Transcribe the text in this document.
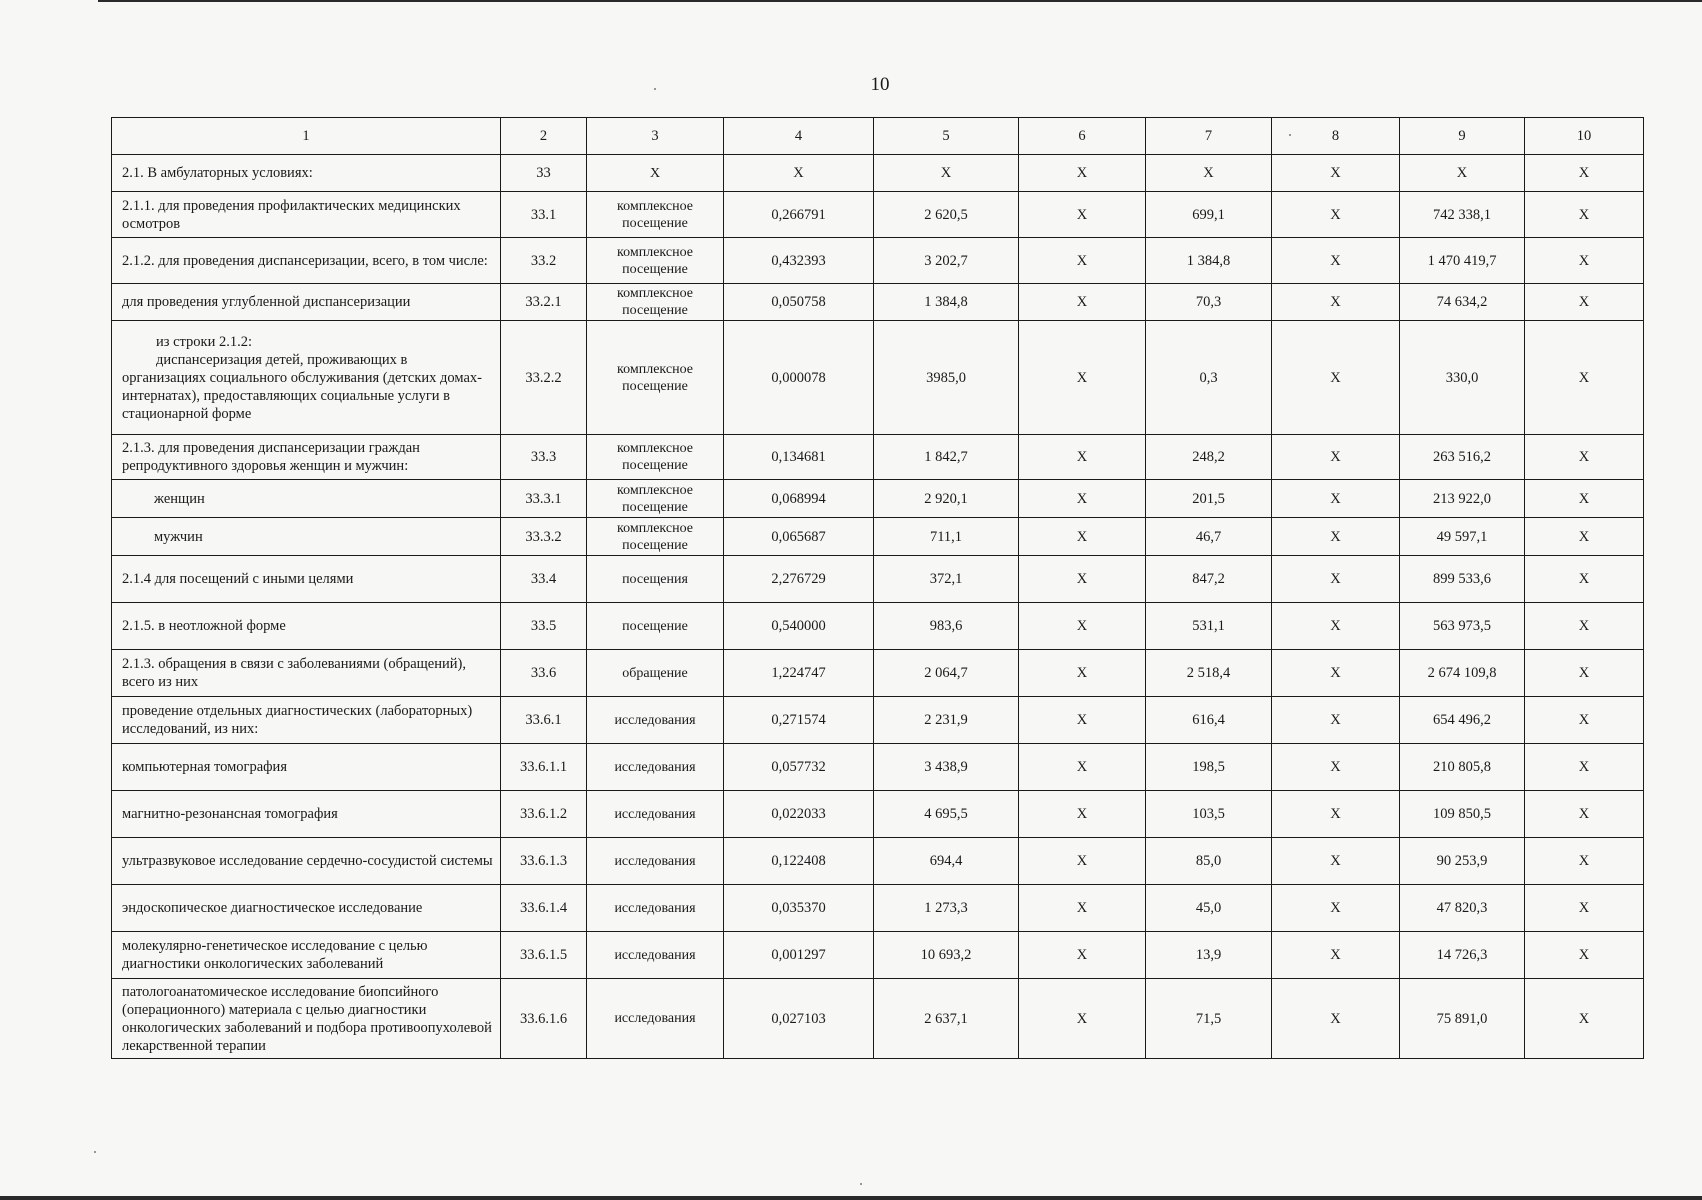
10
1	2	3	4	5	6	7	8	9	10
2.1. В амбулаторных условиях:	33	X	X	X	X	X	X	X	X
2.1.1. для проведения профилактических медицинских осмотров	33.1	комплексное посещение	0,266791	2 620,5	X	699,1	X	742 338,1	X
2.1.2. для проведения диспансеризации, всего, в том числе:	33.2	комплексное посещение	0,432393	3 202,7	X	1 384,8	X	1 470 419,7	X
для проведения углубленной диспансеризации	33.2.1	комплексное посещение	0,050758	1 384,8	X	70,3	X	74 634,2	X

из строки 2.1.2:
диспансеризация детей, проживающих в организациях социального обслуживания (детских домах-интернатах), предоставляющих социальные услуги в стационарной форме	33.2.2	комплексное посещение	0,000078	3985,0	X	0,3	X	330,0	X
2.1.3. для проведения диспансеризации граждан репродуктивного здоровья женщин и мужчин:	33.3	комплексное посещение	0,134681	1 842,7	X	248,2	X	263 516,2	X
женщин	33.3.1	комплексное посещение	0,068994	2 920,1	X	201,5	X	213 922,0	X
мужчин	33.3.2	комплексное посещение	0,065687	711,1	X	46,7	X	49 597,1	X
2.1.4 для посещений с иными целями	33.4	посещения	2,276729	372,1	X	847,2	X	899 533,6	X
2.1.5. в неотложной форме	33.5	посещение	0,540000	983,6	X	531,1	X	563 973,5	X
2.1.3. обращения в связи с заболеваниями (обращений), всего из них	33.6	обращение	1,224747	2 064,7	X	2 518,4	X	2 674 109,8	X
проведение отдельных диагностических (лабораторных) исследований, из них:	33.6.1	исследования	0,271574	2 231,9	X	616,4	X	654 496,2	X
компьютерная томография	33.6.1.1	исследования	0,057732	3 438,9	X	198,5	X	210 805,8	X
магнитно-резонансная томография	33.6.1.2	исследования	0,022033	4 695,5	X	103,5	X	109 850,5	X
ультразвуковое исследование сердечно-сосудистой системы	33.6.1.3	исследования	0,122408	694,4	X	85,0	X	90 253,9	X
эндоскопическое диагностическое исследование	33.6.1.4	исследования	0,035370	1 273,3	X	45,0	X	47 820,3	X
молекулярно-генетическое исследование с целью диагностики онкологических заболеваний	33.6.1.5	исследования	0,001297	10 693,2	X	13,9	X	14 726,3	X
патологоанатомическое исследование биопсийного (операционного) материала с целью диагностики онкологических заболеваний и подбора противоопухолевой лекарственной терапии	33.6.1.6	исследования	0,027103	2 637,1	X	71,5	X	75 891,0	X
